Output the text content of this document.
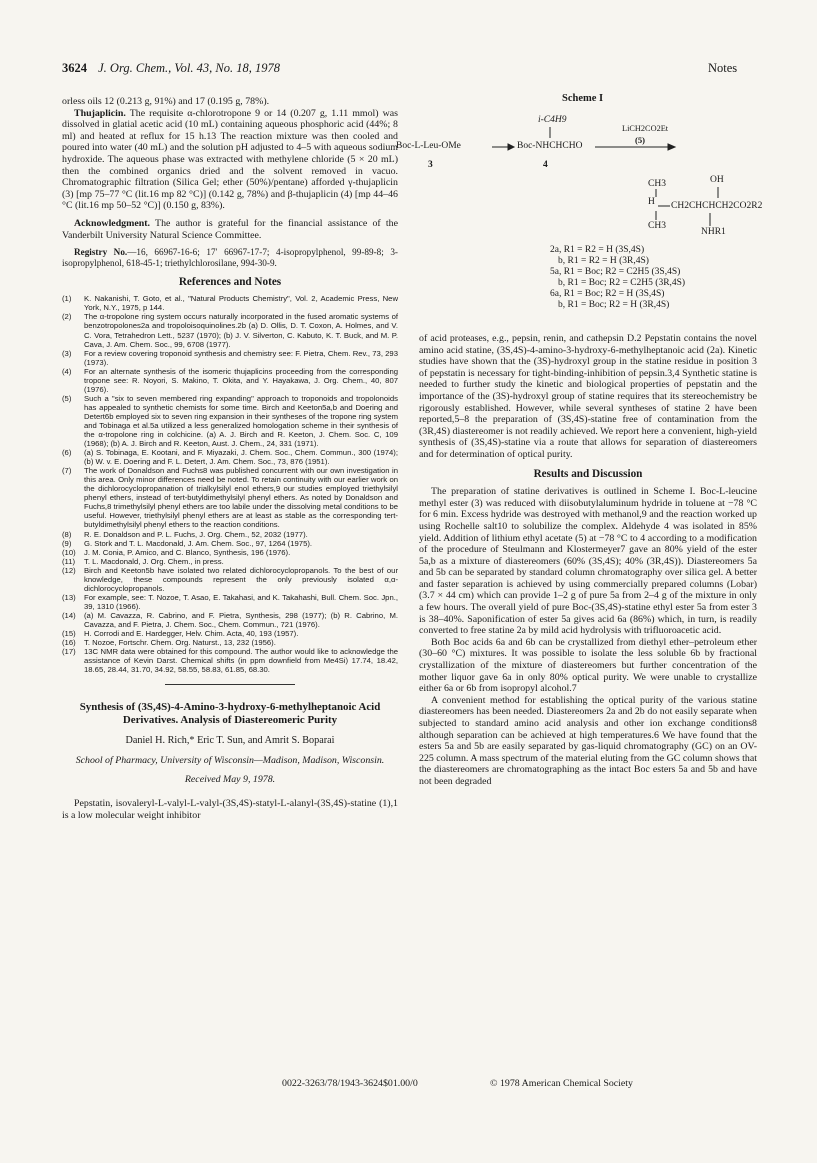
3624 J. Org. Chem., Vol. 43, No. 18, 1978	Notes

orless oils 12 (0.213 g, 91%) and 17 (0.195 g, 78%).

Thujaplicin. The requisite α-chlorotropone 9 or 14 (0.207 g, 1.11 mmol) was dissolved in glatial acetic acid (10 mL) containing aqueous phosphoric acid (44%; 8 ml) and heated at reflux for 15 h.13 The reaction mixture was then cooled and poured into water (40 mL) and the solution pH adjusted to 4–5 with aqueous sodium hydroxide. The aqueous phase was extracted with methylene chloride (5 × 20 mL) then the combined organics dried and the solvent removed in vacuo. Chromatographic filtration (Silica Gel; ether (50%)/pentane) afforded γ-thujaplicin (3) [mp 75–77 °C (lit.16 mp 82 °C)] (0.142 g, 78%) and β-thujaplicin (4) [mp 44–46 °C (lit.16 mp 50–52 °C)] (0.150 g, 83%).

Acknowledgment. The author is grateful for the financial assistance of the Vanderbilt University Natural Science Committee.

Registry No.—16, 66967-16-6; 17′ 66967-17-7; 4-isopropylphenol, 99-89-8; 3-isopropylphenol, 618-45-1; triethylchlorosilane, 994-30-9.

References and Notes
(1)	K. Nakanishi, T. Goto, et al., "Natural Products Chemistry", Vol. 2, Academic Press, New York, N.Y., 1975, p 144.
(2)	The α-tropolone ring system occurs naturally incorporated in the fused aromatic systems of benzotropolones2a and tropoloisoquinolines.2b (a) D. Ollis, D. T. Coxon, A. Holmes, and V. C. Vora, Tetrahedron Lett., 5237 (1970); (b) J. V. Silverton, C. Kabuto, K. T. Buck, and M. P. Cava, J. Am. Chem. Soc., 99, 6708 (1977).
(3)	For a review covering troponoid synthesis and chemistry see: F. Pietra, Chem. Rev., 73, 293 (1973).
(4)	For an alternate synthesis of the isomeric thujaplicins proceeding from the corresponding tropone see: R. Noyori, S. Makino, T. Okita, and Y. Hayakawa, J. Org. Chem., 40, 807 (1976).
(5)	Such a "six to seven membered ring expanding" approach to troponoids and tropolonoids has appealed to synthetic chemists for some time. Birch and Keeton5a,b and Doering and Detert6b employed six to seven ring expansion in their syntheses of the tropone ring system and Tobinaga et al.5a utilized a less generalized homologation scheme in their synthesis of the α-tropolone ring in colchicine. (a) A. J. Birch and R. Keeton, J. Chem. Soc. C, 109 (1968); (b) A. J. Birch and R. Keeton, Aust. J. Chem., 24, 331 (1971).
(6)	(a) S. Tobinaga, E. Kootani, and F. Miyazaki, J. Chem. Soc., Chem. Commun., 300 (1974); (b) W. v. E. Doering and F. L. Detert, J. Am. Chem. Soc., 73, 876 (1951).
(7)	The work of Donaldson and Fuchs8 was published concurrent with our own investigation in this area. Only minor differences need be noted. To retain continuity with our earlier work on the dichlorocyclopropanation of trialkylsilyl enol ethers,9 our studies employed triethylsilyl phenyl ethers, instead of tert-butyldimethylsilyl phenyl ethers. As noted by Donaldson and Fuchs,8 trimethylsilyl phenyl ethers are too labile under the dissolving metal conditions to be useful. However, triethylsilyl phenyl ethers are at least as stable as the corresponding tert-butyldimethylsilyl phenyl ethers to the reaction conditions.
(8)	R. E. Donaldson and P. L. Fuchs, J. Org. Chem., 52, 2032 (1977).
(9)	G. Stork and T. L. Macdonald, J. Am. Chem. Soc., 97, 1264 (1975).
(10)	J. M. Conia, P. Amico, and C. Blanco, Synthesis, 196 (1976).
(11)	T. L. Macdonald, J. Org. Chem., in press.
(12)	Birch and Keeton5b have isolated two related dichlorocyclopropanols. To the best of our knowledge, these compounds represent the only previously isolated α,α-dichlorocyclopropanols.
(13)	For example, see: T. Nozoe, T. Asao, E. Takahasi, and K. Takahashi, Bull. Chem. Soc. Jpn., 39, 1310 (1966).
(14)	(a) M. Cavazza, R. Cabrino, and F. Pietra, Synthesis, 298 (1977); (b) R. Cabrino, M. Cavazza, and F. Pietra, J. Chem. Soc., Chem. Commun., 721 (1976).
(15)	H. Corrodi and E. Hardegger, Helv. Chim. Acta, 40, 193 (1957).
(16)	T. Nozoe, Fortschr. Chem. Org. Naturst., 13, 232 (1956).
(17)	13C NMR data were obtained for this compound. The author would like to acknowledge the assistance of Kevin Darst. Chemical shifts (in ppm downfield from Me4Si) 17.74, 18.42, 18.65, 28.44, 31.70, 34.92, 58.55, 58.83, 61.85, 68.30.
Synthesis of (3S,4S)-4-Amino-3-hydroxy-6-methylheptanoic Acid Derivatives. Analysis of Diastereomeric Purity
Daniel H. Rich,* Eric T. Sun, and Amrit S. Boparai
School of Pharmacy, University of Wisconsin—Madison, Madison, Wisconsin.
Received May 9, 1978.

Pepstatin, isovaleryl-L-valyl-L-valyl-(3S,4S)-statyl-L-alanyl-(3S,4S)-statine (1),1 is a low molecular weight inhibitor

Scheme I
Boc-L-Leu-OMe
3
i-C4H9
Boc-NHCHCHO
4
LiCH2CO2Et
(5)
CH3
H
CH3
OH
CH2CHCHCH2CO2R2
NHR1
2a, R1 = R2 = H (3S,4S)
b, R1 = R2 = H (3R,4S)
5a, R1 = Boc; R2 = C2H5 (3S,4S)
b, R1 = Boc; R2 = C2H5 (3R,4S)
6a, R1 = Boc; R2 = H (3S,4S)
b, R1 = Boc; R2 = H (3R,4S)

of acid proteases, e.g., pepsin, renin, and cathepsin D.2 Pepstatin contains the novel amino acid statine, (3S,4S)-4-amino-3-hydroxy-6-methylheptanoic acid (2a). Kinetic studies have shown that the (3S)-hydroxyl group in the statine residue in position 3 of pepstatin is necessary for tight-binding-inhibition of pepsin.3,4 Synthetic statine is needed to further study the kinetic and biological properties of pepstatin and the importance of the (3S)-hydroxyl group of statine requires that its stereochemistry be rigorously established. However, while several syntheses of statine 2 have been reported,5–8 the preparation of (3S,4S)-statine free of contamination from the (3R,4S) diastereomer is not readily achieved. We report here a convenient, high-yield synthesis of (3S,4S)-statine via a route that allows for separation of diastereomers and for determination of optical purity.

Results and Discussion

The preparation of statine derivatives is outlined in Scheme I. Boc-L-leucine methyl ester (3) was reduced with diisobutylaluminum hydride in toluene at −78 °C for 6 min. Excess hydride was destroyed with methanol,9 and the reaction worked up using Rochelle salt10 to solubilize the complex. Aldehyde 4 was isolated in 85% yield. Addition of lithium ethyl acetate (5) at −78 °C to 4 according to a modification of the procedure of Steulmann and Klostermeyer7 gave an 80% yield of the ester 5a,b as a mixture of diastereomers (60% (3S,4S); 40% (3R,4S)). Diastereomers 5a and 5b can be separated by standard column chromatography over silica gel. A better and faster separation is achieved by using commercially prepared columns (Lobar) (3.7 × 44 cm) which can provide 1–2 g of pure 5a from 2–4 g of the mixture in only a few hours. The overall yield of pure Boc-(3S,4S)-statine ethyl ester 5a from ester 3 is 38–40%. Saponification of ester 5a gives acid 6a (86%) which, in turn, is readily converted to free statine 2a by mild acid hydrolysis with trifluoroacetic acid.

Both Boc acids 6a and 6b can be crystallized from diethyl ether–petroleum ether (30–60 °C) mixtures. It was possible to isolate the less soluble 6b by fractional crystallization of the mixture of diastereomers but further concentration of the mother liquor gave 6a in only 80% optical purity. We were unable to crystallize either 6a or 6b from isopropyl alcohol.7

A convenient method for establishing the optical purity of the various statine diastereomers has been needed. Diastereomers 2a and 2b do not easily separate when subjected to standard amino acid analysis and other ion exchange conditions8 although separation can be achieved at high temperatures.6 We have found that the esters 5a and 5b are easily separated by gas-liquid chromatography (GC) on an OV-225 column. A mass spectrum of the material eluting from the GC column shows that the diastereomers are chromatographing as the intact Boc esters 5a and 5b and have not been degraded

0022-3263/78/1943-3624$01.00/0	© 1978 American Chemical Society
